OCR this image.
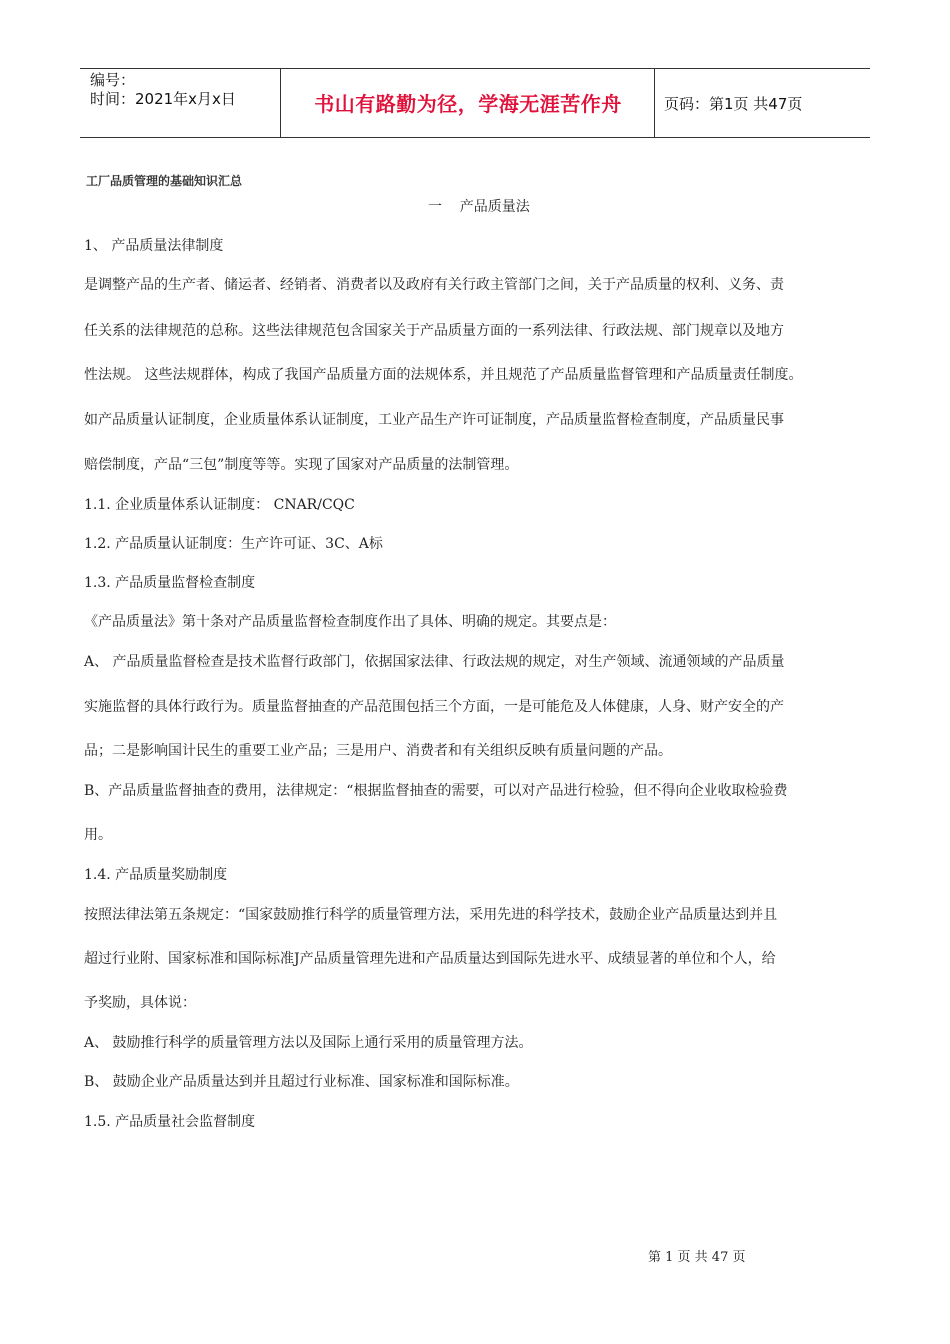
编号：
时间：2021年x月x日	书山有路勤为径，学海无涯苦作舟	页码：第1页 共47页
工厂品质管理的基础知识汇总
一    产品质量法
1、 产品质量法律制度
是调整产品的生产者、储运者、经销者、消费者以及政府有关行政主管部门之间，关于产品质量的权利、义务、责
任关系的法律规范的总称。这些法律规范包含国家关于产品质量方面的一系列法律、行政法规、部门规章以及地方
性法规。 这些法规群体，构成了我国产品质量方面的法规体系，并且规范了产品质量监督管理和产品质量责任制度。
如产品质量认证制度，企业质量体系认证制度，工业产品生产许可证制度，产品质量监督检查制度，产品质量民事
赔偿制度，产品“三包”制度等等。实现了国家对产品质量的法制管理。
1.1. 企业质量体系认证制度： CNAR/CQC
1.2. 产品质量认证制度：生产许可证、3C、A标
1.3. 产品质量监督检查制度
《产品质量法》第十条对产品质量监督检查制度作出了具体、明确的规定。其要点是：
A、 产品质量监督检查是技术监督行政部门，依据国家法律、行政法规的规定，对生产领域、流通领域的产品质量
实施监督的具体行政行为。质量监督抽查的产品范围包括三个方面，一是可能危及人体健康，人身、财产安全的产
品；二是影响国计民生的重要工业产品；三是用户、消费者和有关组织反映有质量问题的产品。
B、产品质量监督抽查的费用，法律规定：“根据监督抽查的需要，可以对产品进行检验，但不得向企业收取检验费
用。
1.4. 产品质量奖励制度
按照法律法第五条规定：“国家鼓励推行科学的质量管理方法，采用先进的科学技术，鼓励企业产品质量达到并且
超过行业附、国家标准和国际标准J产品质量管理先进和产品质量达到国际先进水平、成绩显著的单位和个人，给
予奖励，具体说：
A、 鼓励推行科学的质量管理方法以及国际上通行采用的质量管理方法。
B、 鼓励企业产品质量达到并且超过行业标准、国家标准和国际标准。
1.5. 产品质量社会监督制度
第 1 页 共 47 页
